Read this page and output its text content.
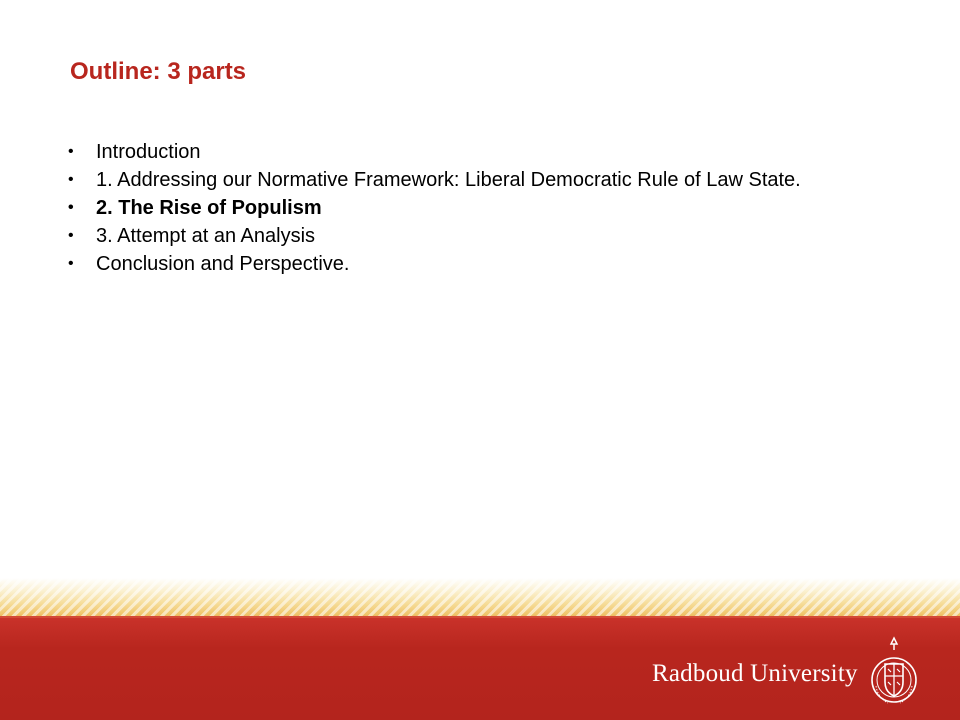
Outline: 3 parts
• Introduction
• 1. Addressing our Normative Framework: Liberal Democratic Rule of Law State.
• 2. The Rise of Populism
• 3. Attempt at an Analysis
• Conclusion and Perspective.
Radboud University
